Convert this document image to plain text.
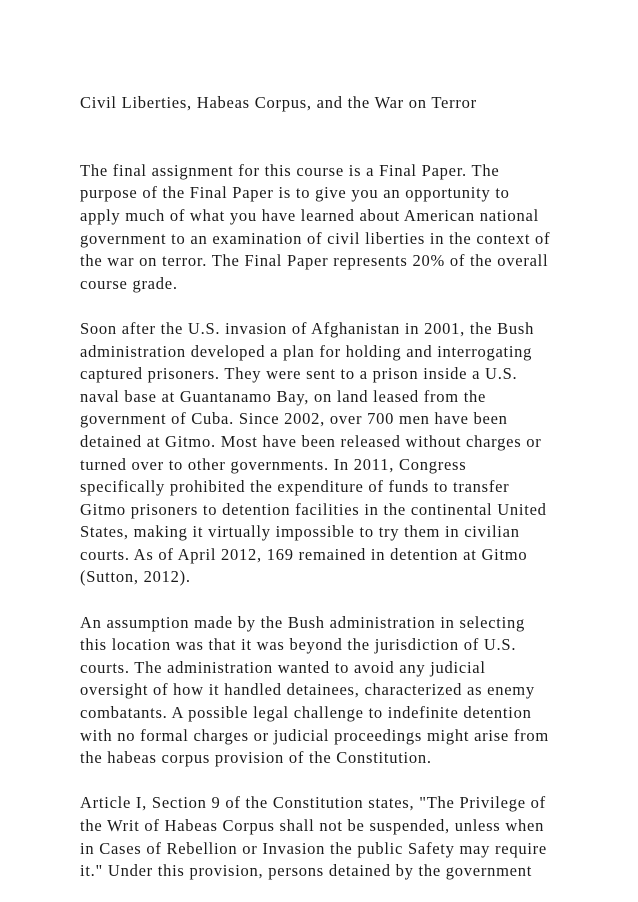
Civil Liberties, Habeas Corpus, and the War on Terror
The final assignment for this course is a Final Paper. The
purpose of the Final Paper is to give you an opportunity to
apply much of what you have learned about American national
government to an examination of civil liberties in the context of
the war on terror. The Final Paper represents 20% of the overall
course grade.
Soon after the U.S. invasion of Afghanistan in 2001, the Bush
administration developed a plan for holding and interrogating
captured prisoners. They were sent to a prison inside a U.S.
naval base at Guantanamo Bay, on land leased from the
government of Cuba. Since 2002, over 700 men have been
detained at Gitmo. Most have been released without charges or
turned over to other governments. In 2011, Congress
specifically prohibited the expenditure of funds to transfer
Gitmo prisoners to detention facilities in the continental United
States, making it virtually impossible to try them in civilian
courts. As of April 2012, 169 remained in detention at Gitmo
(Sutton, 2012).
An assumption made by the Bush administration in selecting
this location was that it was beyond the jurisdiction of U.S.
courts. The administration wanted to avoid any judicial
oversight of how it handled detainees, characterized as enemy
combatants. A possible legal challenge to indefinite detention
with no formal charges or judicial proceedings might arise from
the habeas corpus provision of the Constitution.
Article I, Section 9 of the Constitution states, "The Privilege of
the Writ of Habeas Corpus shall not be suspended, unless when
in Cases of Rebellion or Invasion the public Safety may require
it." Under this provision, persons detained by the government
